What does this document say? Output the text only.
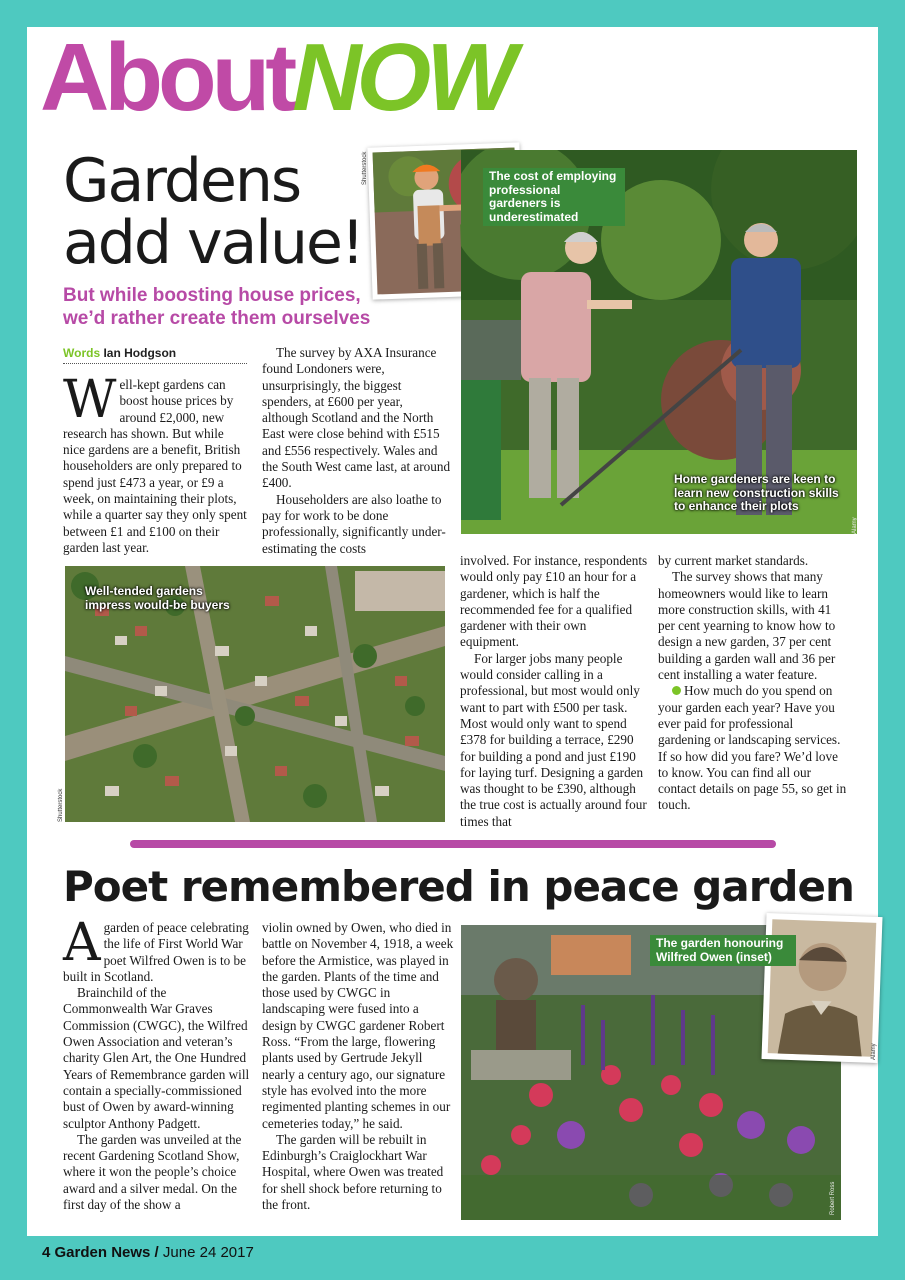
AboutNOW
Gardens
add value!

But while boosting house prices, we’d rather create them ourselves

Words Ian Hodgson
Shutterstock	The cost of employing professional gardeners is underestimated
Home gardeners are keen to learn new construction skills to enhance their plots
Alamy
Well-tended gardens impress would-be buyers
Shutterstock

Well-kept gardens can boost house prices by around £2,000, new research has shown. But while nice gardens are a benefit, British householders are only prepared to spend just £473 a year, or £9 a week, on maintaining their plots, while a quarter say they only spent between £1 and £100 on their garden last year.

The survey by AXA Insurance found Londoners were, unsurprisingly, the biggest spenders, at £600 per year, although Scotland and the North East were close behind with £515 and £556 respectively. Wales and the South West came last, at around £400.

Householders are also loathe to pay for work to be done professionally, significantly under-estimating the costs

involved. For instance, respondents would only pay £10 an hour for a gardener, which is half the recommended fee for a qualified gardener with their own equipment.

For larger jobs many people would consider calling in a professional, but most would only want to part with £500 per task. Most would only want to spend £378 for building a terrace, £290 for building a pond and just £190 for laying turf. Designing a garden was thought to be £390, although the true cost is actually around four times that

by current market standards.

The survey shows that many homeowners would like to learn more construction skills, with 41 per cent yearning to know how to design a new garden, 37 per cent building a garden wall and 36 per cent installing a water feature.

How much do you spend on your garden each year? Have you ever paid for professional gardening or landscaping services. If so how did you fare? We’d love to know. You can find all our contact details on page 55, so get in touch.

Poet remembered in peace garden

Agarden of peace celebrating the life of First World War poet Wilfred Owen is to be built in Scotland.

Brainchild of the Commonwealth War Graves Commission (CWGC), the Wilfred Owen Association and veteran’s charity Glen Art, the One Hundred Years of Remembrance garden will contain a specially-commissioned bust of Owen by award-winning sculptor Anthony Padgett.

The garden was unveiled at the recent Gardening Scotland Show, where it won the people’s choice award and a silver medal. On the first day of the show a

violin owned by Owen, who died in battle on November 4, 1918, a week before the Armistice, was played in the garden. Plants of the time and those used by CWGC in landscaping were fused into a design by CWGC gardener Robert Ross. “From the large, flowering plants used by Gertrude Jekyll nearly a century ago, our signature style has evolved into the more regimented planting schemes in our cemeteries today,” he said.

The garden will be rebuilt in Edinburgh’s Craiglockhart War Hospital, where Owen was treated for shell shock before returning to the front.

The garden honouring Wilfred Owen (inset)
Alamy
Robert Ross
4 Garden News / June 24 2017
